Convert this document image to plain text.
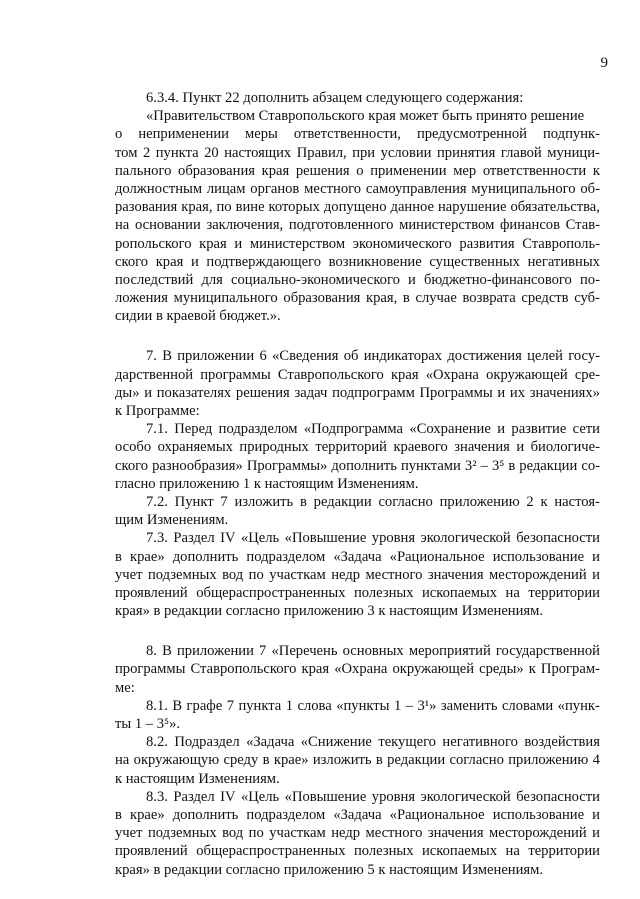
9
6.3.4. Пункт 22 дополнить абзацем следующего содержания:
«Правительством Ставропольского края может быть принято решение
о неприменении меры ответственности, предусмотренной подпунк-
том 2 пункта 20 настоящих Правил, при условии принятия главой муници-
пального образования края решения о применении мер ответственности к
должностным лицам органов местного самоуправления муниципального об-
разования края, по вине которых допущено данное нарушение обязательства,
на основании заключения, подготовленного министерством финансов Став-
ропольского края и министерством экономического развития Ставрополь-
ского края и подтверждающего возникновение существенных негативных
последствий для социально-экономического и бюджетно-финансового по-
ложения муниципального образования края, в случае возврата средств суб-
сидии в краевой бюджет.».
7. В приложении 6 «Сведения об индикаторах достижения целей госу-
дарственной программы Ставропольского края «Охрана окружающей сре-
ды» и показателях решения задач подпрограмм Программы и их значениях»
к Программе:
7.1. Перед подразделом «Подпрограмма «Сохранение и развитие сети
особо охраняемых природных территорий краевого значения и биологиче-
ского разнообразия» Программы» дополнить пунктами 3² – 3⁵ в редакции со-
гласно приложению 1 к настоящим Изменениям.
7.2. Пункт 7 изложить в редакции согласно приложению 2 к настоя-
щим Изменениям.
7.3. Раздел IV «Цель «Повышение уровня экологической безопасности
в крае» дополнить подразделом «Задача «Рациональное использование и
учет подземных вод по участкам недр местного значения месторождений и
проявлений общераспространенных полезных ископаемых на территории
края» в редакции согласно приложению 3 к настоящим Изменениям.
8. В приложении 7 «Перечень основных мероприятий государственной
программы Ставропольского края «Охрана окружающей среды» к Програм-
ме:
8.1. В графе 7 пункта 1 слова «пункты 1 – 3¹» заменить словами «пунк-
ты 1 – 3⁵».
8.2. Подраздел «Задача «Снижение текущего негативного воздействия
на окружающую среду в крае» изложить в редакции согласно приложению 4
к настоящим Изменениям.
8.3. Раздел IV «Цель «Повышение уровня экологической безопасности
в крае» дополнить подразделом «Задача «Рациональное использование и
учет подземных вод по участкам недр местного значения месторождений и
проявлений общераспространенных полезных ископаемых на территории
края» в редакции согласно приложению 5 к настоящим Изменениям.
